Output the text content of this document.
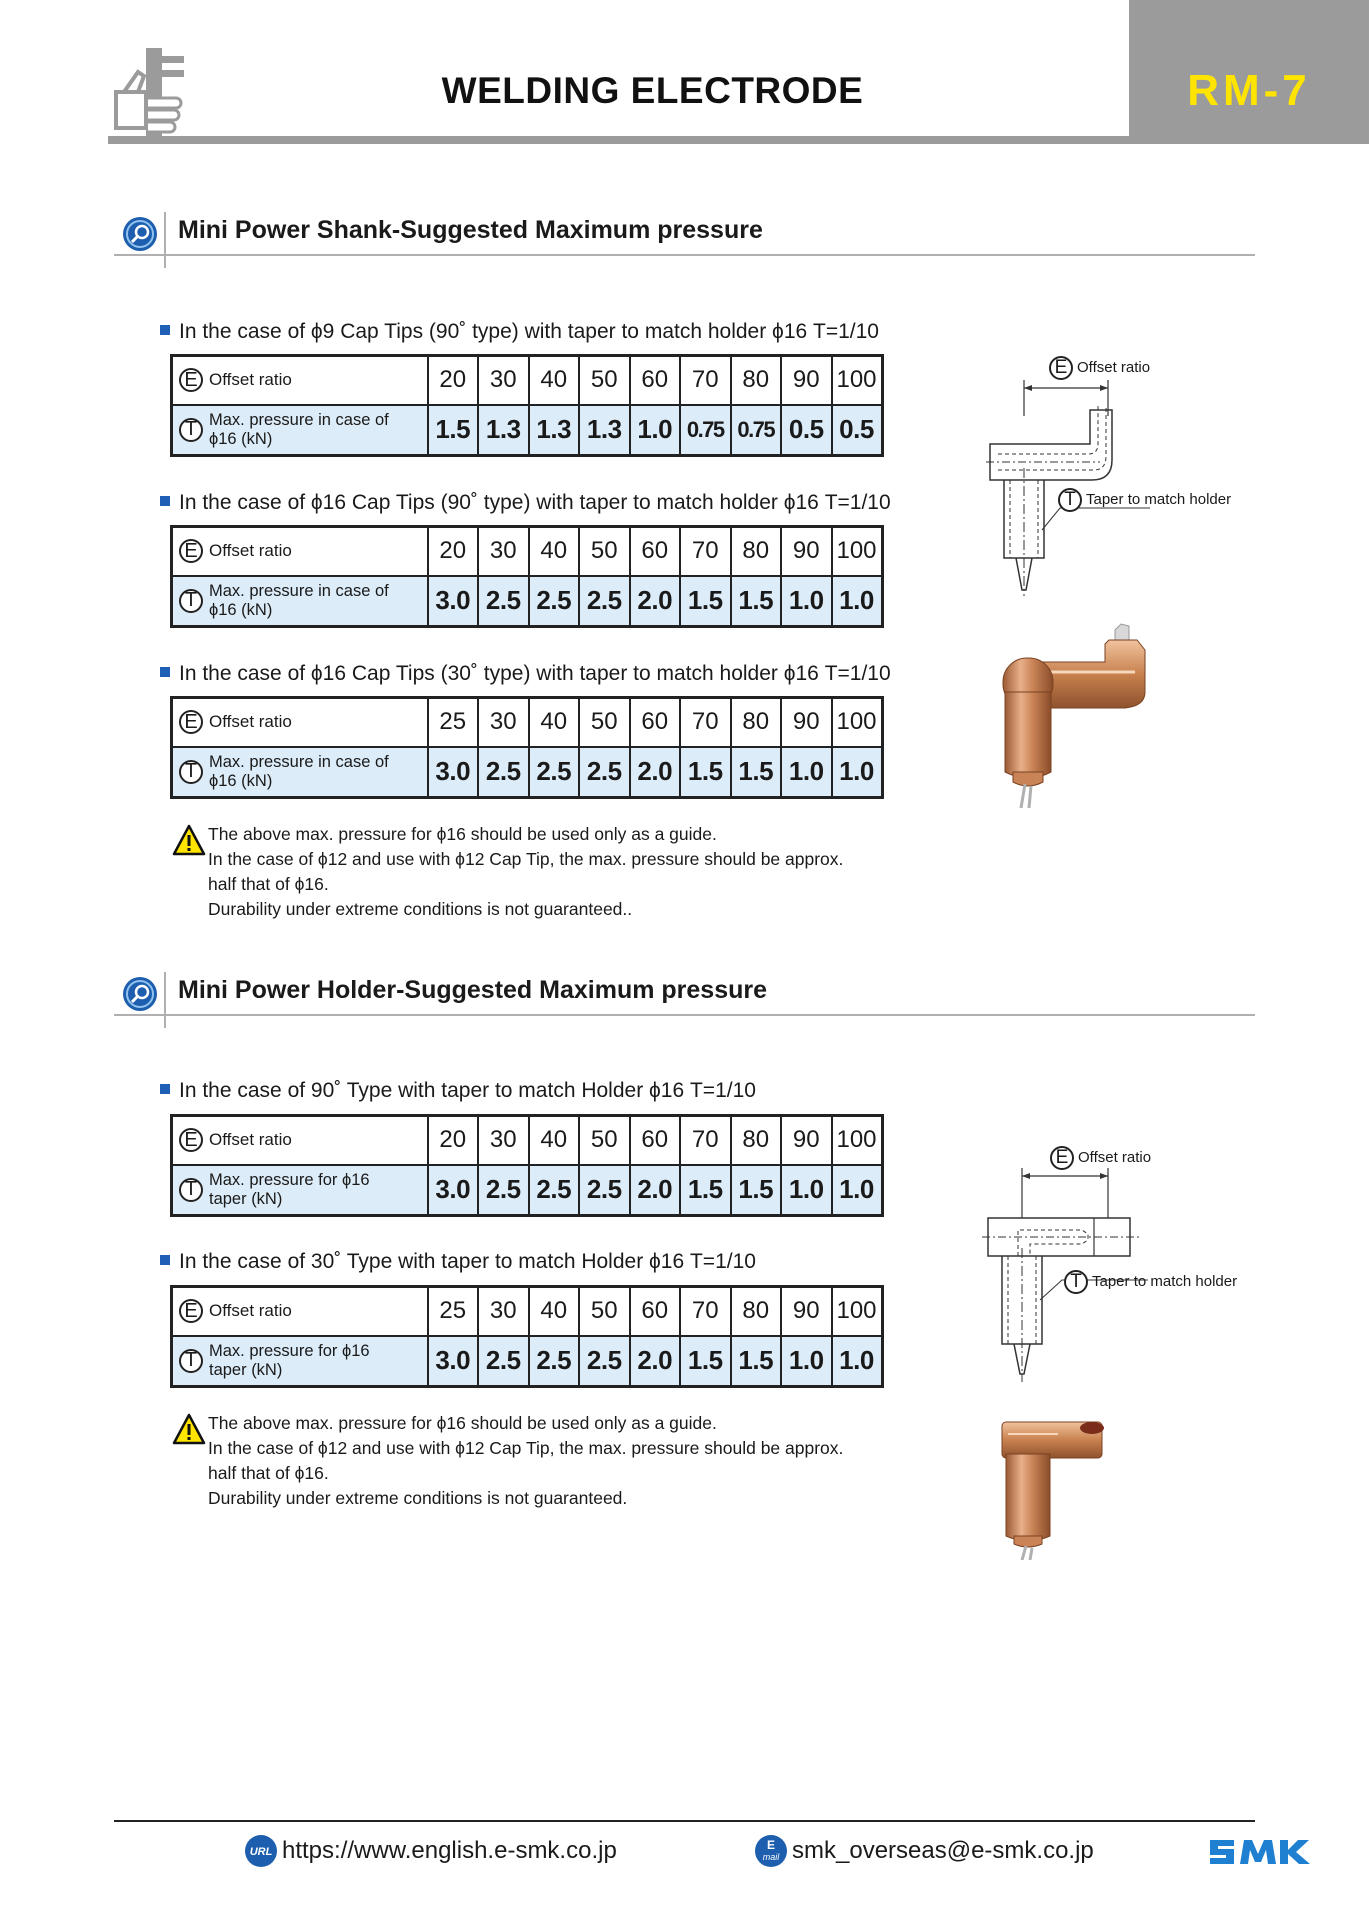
WELDING ELECTRODE	RM-7
Mini Power Shank-Suggested Maximum pressure
In the case of ϕ9 Cap Tips (90˚ type) with taper to match holder ϕ16 T=1/10
E Offset ratio	20	30	40	50	60	70	80	90	100
T Max. pressure in case of
ϕ16 (kN)	1.5	1.3	1.3	1.3	1.0	0.75	0.75	0.5	0.5
In the case of ϕ16 Cap Tips (90˚ type) with taper to match holder ϕ16 T=1/10
E Offset ratio	20	30	40	50	60	70	80	90	100
T Max. pressure in case of
ϕ16 (kN)	3.0	2.5	2.5	2.5	2.0	1.5	1.5	1.0	1.0
In the case of ϕ16 Cap Tips (30˚ type) with taper to match holder ϕ16 T=1/10
E Offset ratio	25	30	40	50	60	70	80	90	100
T Max. pressure in case of
ϕ16 (kN)	3.0	2.5	2.5	2.5	2.0	1.5	1.5	1.0	1.0
The above max. pressure for ϕ16 should be used only as a guide.
In the case of ϕ12 and use with ϕ12 Cap Tip, the max. pressure should be approx.
half that of ϕ16.
Durability under extreme conditions is not guaranteed..
E Offset ratio
T Taper to match holder
Mini Power Holder-Suggested Maximum pressure
In the case of 90˚ Type with taper to match Holder ϕ16 T=1/10
E Offset ratio	20	30	40	50	60	70	80	90	100
T Max. pressure for ϕ16
taper (kN)	3.0	2.5	2.5	2.5	2.0	1.5	1.5	1.0	1.0
In the case of 30˚ Type with taper to match Holder ϕ16 T=1/10
E Offset ratio	25	30	40	50	60	70	80	90	100
T Max. pressure for ϕ16
taper (kN)	3.0	2.5	2.5	2.5	2.0	1.5	1.5	1.0	1.0
The above max. pressure for ϕ16 should be used only as a guide.
In the case of ϕ12 and use with ϕ12 Cap Tip, the max. pressure should be approx.
half that of ϕ16.
Durability under extreme conditions is not guaranteed.
E Offset ratio
T Taper to match holder
URL https://www.english.e-smk.co.jp	E
mail smk_overseas@e-smk.co.jp
